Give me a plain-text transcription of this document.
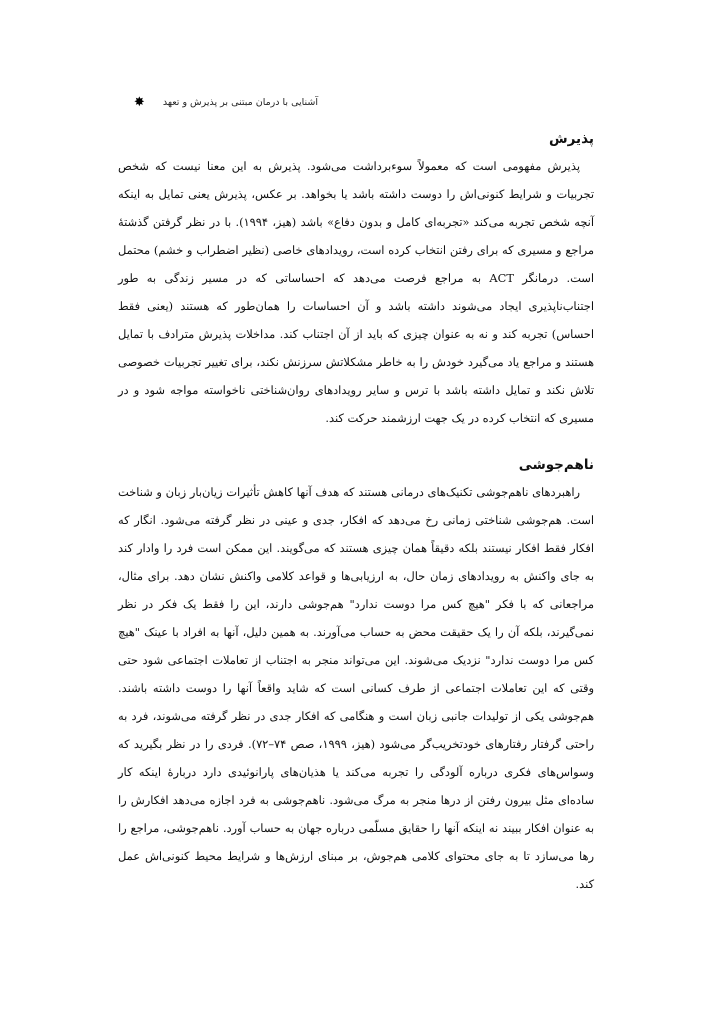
آشنایی با درمان مبتنی بر پذیرش و تعهد
✸
پذیرش

پذیرش مفهومی است که معمولاً سوءبرداشت می‌شود. پذیرش به این معنا نیست که شخص تجربیات و شرایط کنونی‌اش را دوست داشته باشد یا بخواهد. بر عکس، پذیرش یعنی تمایل به اینکه آنچه شخص تجربه می‌کند «تجربه‌ای کامل و بدون دفاع» باشد (هیز، ۱۹۹۴). با در نظر گرفتن گذشتهٔ مراجع و مسیری که برای رفتن انتخاب کرده است، رویدادهای خاصی (نظیر اضطراب و خشم) محتمل است. درمانگر ACT به مراجع فرصت می‌دهد که احساساتی که در مسیر زندگی به طور اجتناب‌ناپذیری ایجاد می‌شوند داشته باشد و آن احساسات را همان‌طور که هستند (یعنی فقط احساس) تجربه کند و نه به عنوان چیزی که باید از آن اجتناب کند. مداخلات پذیرش مترادف با تمایل هستند و مراجع یاد می‌گیرد خودش را به خاطر مشکلاتش سرزنش نکند، برای تغییر تجربیات خصوصی تلاش نکند و تمایل داشته باشد با ترس و سایر رویدادهای روان‌شناختی ناخواسته مواجه شود و در مسیری که انتخاب کرده در یک جهت ارزشمند حرکت کند.

ناهم‌جوشی

راهبردهای ناهم‌جوشی تکنیک‌های درمانی هستند که هدف آنها کاهش تأثیرات زیان‌بار زبان و شناخت است. هم‌جوشی شناختی زمانی رخ می‌دهد که افکار، جدی و عینی در نظر گرفته می‌شود. انگار که افکار فقط افکار نیستند بلکه دقیقاً همان چیزی هستند که می‌گویند. این ممکن است فرد را وادار کند به جای واکنش به رویدادهای زمان حال، به ارزیابی‌ها و قواعد کلامی واکنش نشان دهد. برای مثال، مراجعانی که با فکر "هیچ کس مرا دوست ندارد" هم‌جوشی دارند، این را فقط یک فکر در نظر نمی‌گیرند، بلکه آن را یک حقیقت محض به حساب می‌آورند. به همین دلیل، آنها به افراد با عینک "هیچ کس مرا دوست ندارد" نزدیک می‌شوند. این می‌تواند منجر به اجتناب از تعاملات اجتماعی شود حتی وقتی که این تعاملات اجتماعی از طرف کسانی است که شاید واقعاً آنها را دوست داشته باشند. هم‌جوشی یکی از تولیدات جانبی زبان است و هنگامی که افکار جدی در نظر گرفته می‌شوند، فرد به راحتی گرفتار رفتارهای خودتخریب‌گر می‌شود (هیز، ۱۹۹۹، صص ۷۴–۷۲). فردی را در نظر بگیرید که وسواس‌های فکری درباره آلودگی را تجربه می‌کند یا هذیان‌های پارانوئیدی دارد دربارهٔ اینکه کار ساده‌ای مثل بیرون رفتن از درها منجر به مرگ می‌شود. ناهم‌جوشی به فرد اجازه می‌دهد افکارش را به عنوان افکار ببیند نه اینکه آنها را حقایق مسلّمی درباره جهان به حساب آورد. ناهم‌جوشی، مراجع را رها می‌سازد تا به جای محتوای کلامی هم‌جوش، بر مبنای ارزش‌ها و شرایط محیط کنونی‌اش عمل کند.
